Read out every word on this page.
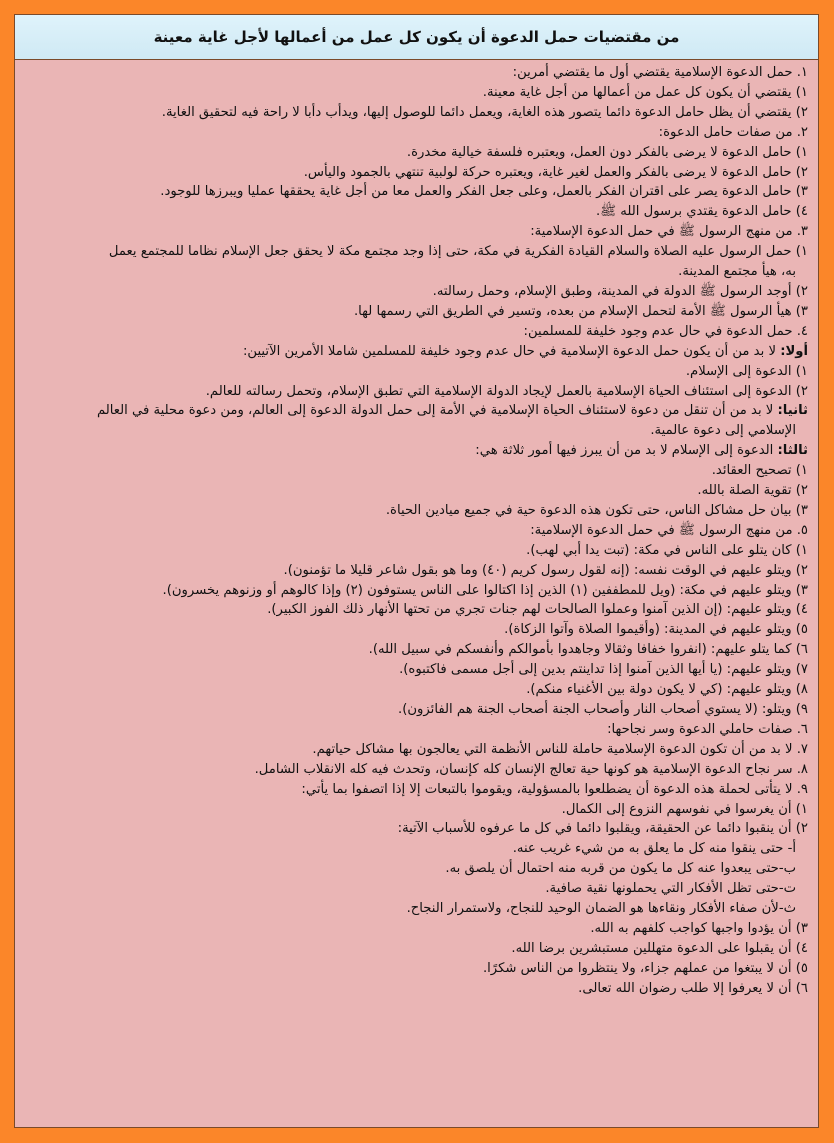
من مقتضيات حمل الدعوة أن يكون كل عمل من أعمالها لأجل غاية معينة
١. حمل الدعوة الإسلامية يقتضي أول ما يقتضي أمرين:
١) يقتضي أن يكون كل عمل من أعمالها من أجل غاية معينة.
٢) يقتضي أن يظل حامل الدعوة دائما يتصور هذه الغاية، ويعمل دائما للوصول إليها، ويدأب دأبا لا راحة فيه لتحقيق الغاية.
٢. من صفات حامل الدعوة:
١) حامل الدعوة لا يرضى بالفكر دون العمل، ويعتبره فلسفة خيالية مخدرة.
٢) حامل الدعوة لا يرضى بالفكر والعمل لغير غاية، ويعتبره حركة لولبية تنتهي بالجمود واليأس.
٣) حامل الدعوة يصر على اقتران الفكر بالعمل، وعلى جعل الفكر والعمل معا من أجل غاية يحققها عمليا ويبرزها للوجود.
٤) حامل الدعوة يقتدي برسول الله ﷺ.
٣. من منهج الرسول ﷺ في حمل الدعوة الإسلامية:
١) حمل الرسول عليه الصلاة والسلام القيادة الفكرية في مكة، حتى إذا وجد مجتمع مكة لا يحقق جعل الإسلام نظاما للمجتمع يعمل
به، هيأ مجتمع المدينة.
٢) أوجد الرسول ﷺ الدولة في المدينة، وطبق الإسلام، وحمل رسالته.
٣) هيأ الرسول ﷺ الأمة لتحمل الإسلام من بعده، وتسير في الطريق التي رسمها لها.
٤. حمل الدعوة في حال عدم وجود خليفة للمسلمين:
أولا: لا بد من أن يكون حمل الدعوة الإسلامية في حال عدم وجود خليفة للمسلمين شاملا الأمرين الآتيين:
١) الدعوة إلى الإسلام.
٢) الدعوة إلى استئناف الحياة الإسلامية بالعمل لإيجاد الدولة الإسلامية التي تطبق الإسلام، وتحمل رسالته للعالم.
ثانيا: لا بد من أن تنقل من دعوة لاستئناف الحياة الإسلامية في الأمة إلى حمل الدولة الدعوة إلى العالم، ومن دعوة محلية في العالم
الإسلامي إلى دعوة عالمية.
ثالثا: الدعوة إلى الإسلام لا بد من أن يبرز فيها أمور ثلاثة هي:
١) تصحيح العقائد.
٢) تقوية الصلة بالله.
٣) بيان حل مشاكل الناس، حتى تكون هذه الدعوة حية في جميع ميادين الحياة.
٥. من منهج الرسول ﷺ في حمل الدعوة الإسلامية:
١) كان يتلو على الناس في مكة: (تبت يدا أبي لهب).
٢) ويتلو عليهم في الوقت نفسه: (إنه لقول رسول كريم (٤٠) وما هو بقول شاعر قليلا ما تؤمنون).
٣) ويتلو عليهم في مكة: (ويل للمطففين (١) الذين إذا اكتالوا على الناس يستوفون (٢) وإذا كالوهم أو وزنوهم يخسرون).
٤) ويتلو عليهم: (إن الذين آمنوا وعملوا الصالحات لهم جنات تجري من تحتها الأنهار ذلك الفوز الكبير).
٥) ويتلو عليهم في المدينة: (وأقيموا الصلاة وآتوا الزكاة).
٦) كما يتلو عليهم: (انفروا خفافا وثقالا وجاهدوا بأموالكم وأنفسكم في سبيل الله).
٧) ويتلو عليهم: (يا أيها الذين آمنوا إذا تداينتم بدين إلى أجل مسمى فاكتبوه).
٨) ويتلو عليهم: (كي لا يكون دولة بين الأغنياء منكم).
٩) ويتلو: (لا يستوي أصحاب النار وأصحاب الجنة أصحاب الجنة هم الفائزون).
٦. صفات حاملي الدعوة وسر نجاحها:
٧. لا بد من أن تكون الدعوة الإسلامية حاملة للناس الأنظمة التي يعالجون بها مشاكل حياتهم.
٨. سر نجاح الدعوة الإسلامية هو كونها حية تعالج الإنسان كله كإنسان، وتحدث فيه كله الانقلاب الشامل.
٩. لا يتأتى لحملة هذه الدعوة أن يضطلعوا بالمسؤولية، ويقوموا بالتبعات إلا إذا اتصفوا بما يأتي:
١) أن يغرسوا في نفوسهم النزوع إلى الكمال.
٢) أن ينقبوا دائما عن الحقيقة، ويقلبوا دائما في كل ما عرفوه للأسباب الآتية:
أ- حتى ينقوا منه كل ما يعلق به من شيء غريب عنه.
ب-حتى يبعدوا عنه كل ما يكون من قربه منه احتمال أن يلصق به.
ت-حتى تظل الأفكار التي يحملونها نقية صافية.
ث-لأن صفاء الأفكار ونقاءها هو الضمان الوحيد للنجاح، ولاستمرار النجاح.
٣) أن يؤدوا واجبها كواجب كلفهم به الله.
٤) أن يقبلوا على الدعوة متهللين مستبشرين برضا الله.
٥) أن لا يبتغوا من عملهم جزاء، ولا ينتظروا من الناس شكرًا.
٦) أن لا يعرفوا إلا طلب رضوان الله تعالى.
